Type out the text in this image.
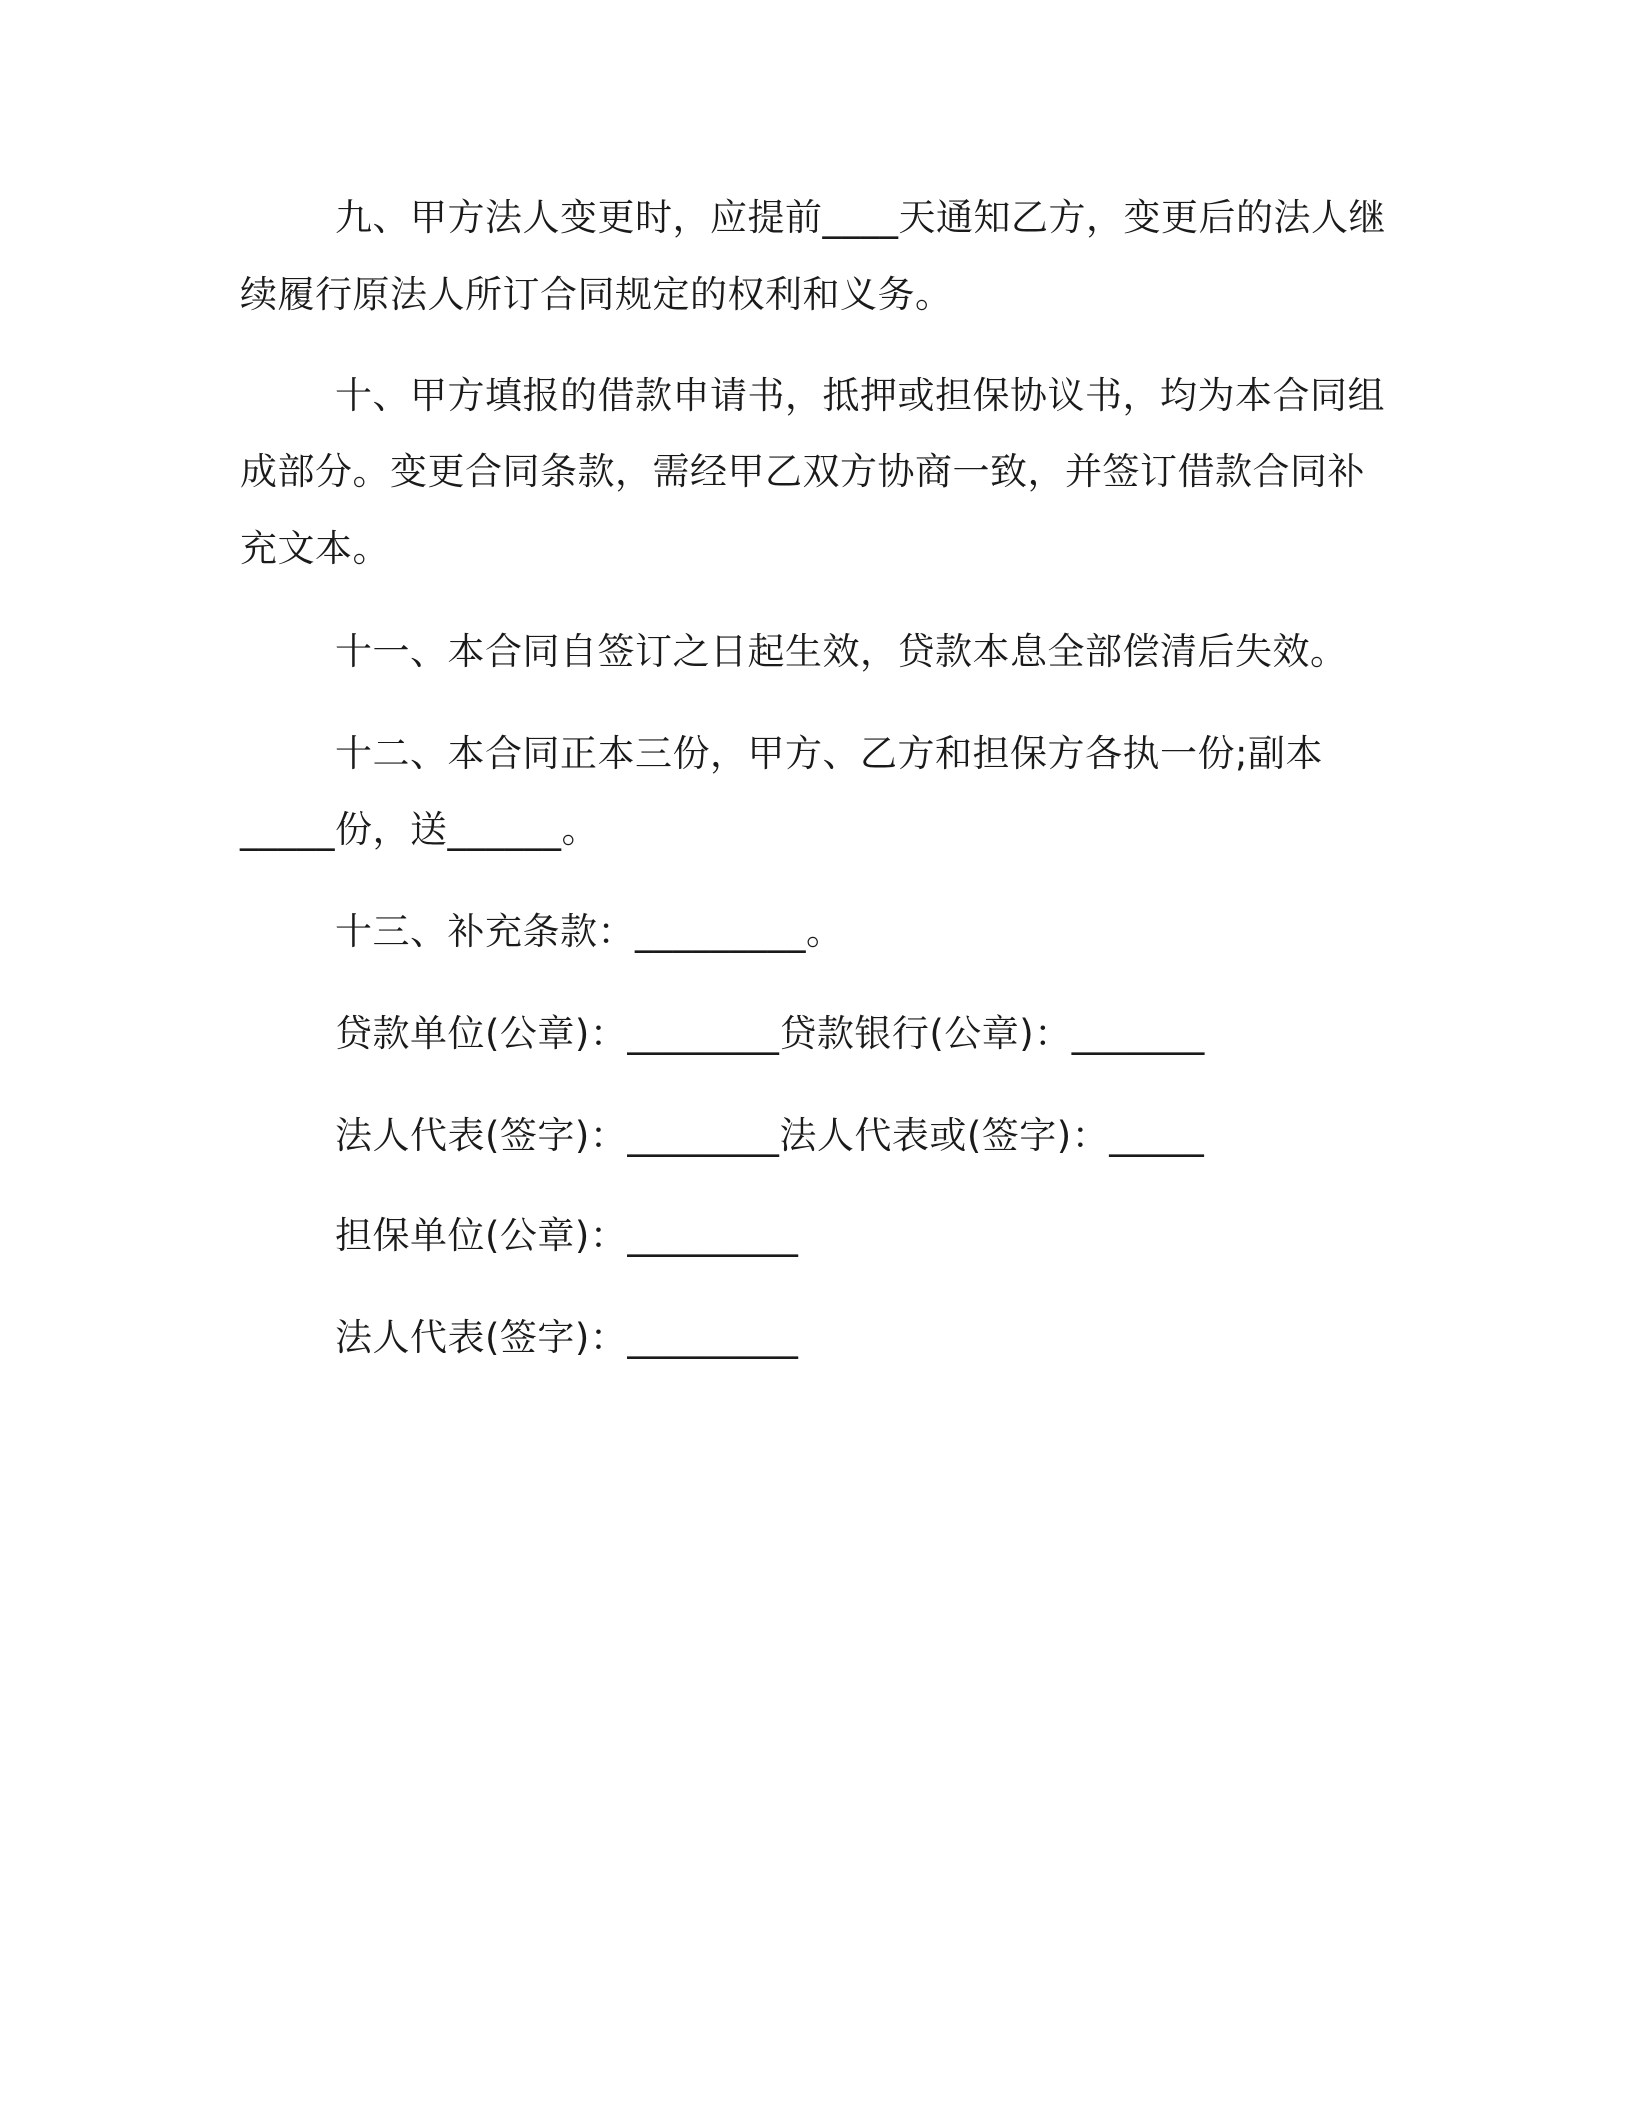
九、甲方法人变更时，应提前____天通知乙方，变更后的法人继
续履行原法人所订合同规定的权利和义务。
十、甲方填报的借款申请书，抵押或担保协议书，均为本合同组
成部分。变更合同条款，需经甲乙双方协商一致，并签订借款合同补
充文本。
十一、本合同自签订之日起生效，贷款本息全部偿清后失效。
十二、本合同正本三份，甲方、乙方和担保方各执一份;副本
_____份，送______。
十三、补充条款：_________。
贷款单位(公章)：________贷款银行(公章)：_______
法人代表(签字)：________法人代表或(签字)：_____
担保单位(公章)：_________
法人代表(签字)：_________
